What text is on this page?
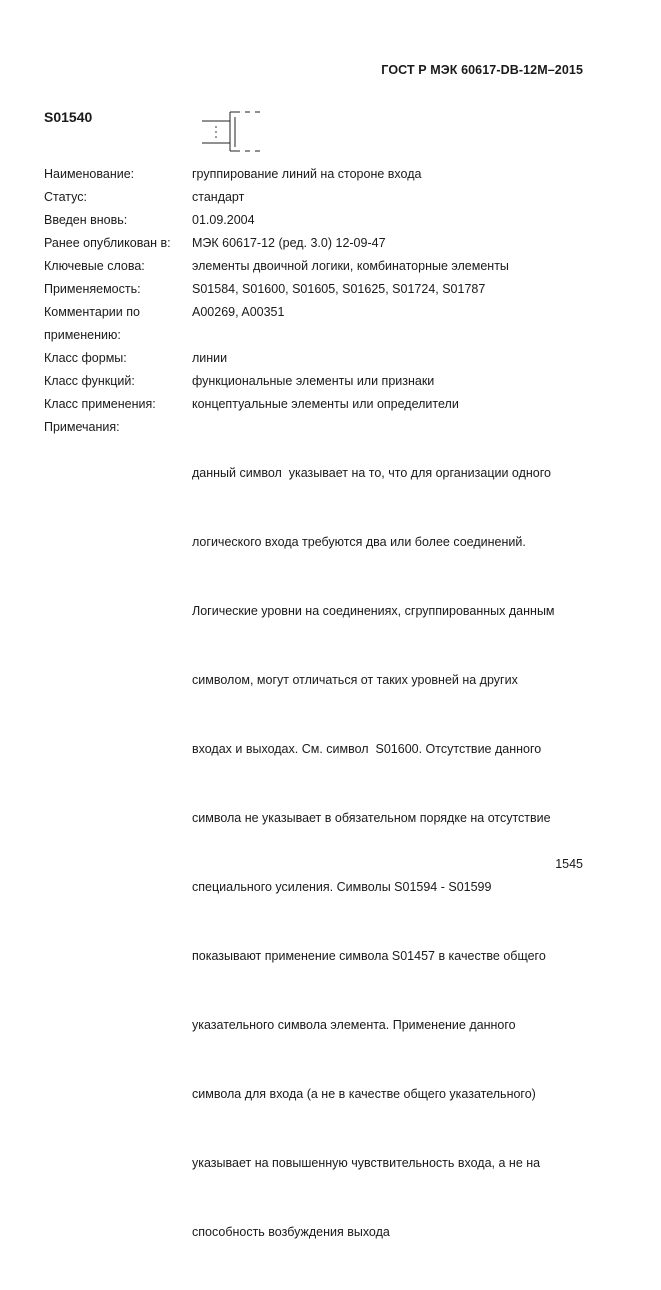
ГОСТ Р МЭК 60617-DB-12M–2015
S01540
Наименование:	группирование линий на стороне входа
Статус:	стандарт
Введен вновь:	01.09.2004
Ранее опубликован в:	МЭК 60617-12 (ред. 3.0) 12-09-47
Ключевые слова:	элементы двоичной логики, комбинаторные элементы
Применяемость:	S01584, S01600, S01605, S01625, S01724, S01787
Комментарии по
применению:
A00269, A00351
Класс формы:	линии
Класс функций:	функциональные элементы или признаки
Класс применения:	концептуальные элементы или определители
Примечания:

данный символ  указывает на то, что для организации одного

логического входа требуются два или более соединений.

Логические уровни на соединениях, сгруппированных данным

символом, могут отличаться от таких уровней на других

входах и выходах. См. символ  S01600. Отсутствие данного

символа не указывает в обязательном порядке на отсутствие

специального усиления. Символы S01594 - S01599

показывают применение символа S01457 в качестве общего

указательного символа элемента. Применение данного

символа для входа (а не в качестве общего указательного)

указывает на повышенную чувствительность входа, а не на

способность возбуждения выхода

1545
